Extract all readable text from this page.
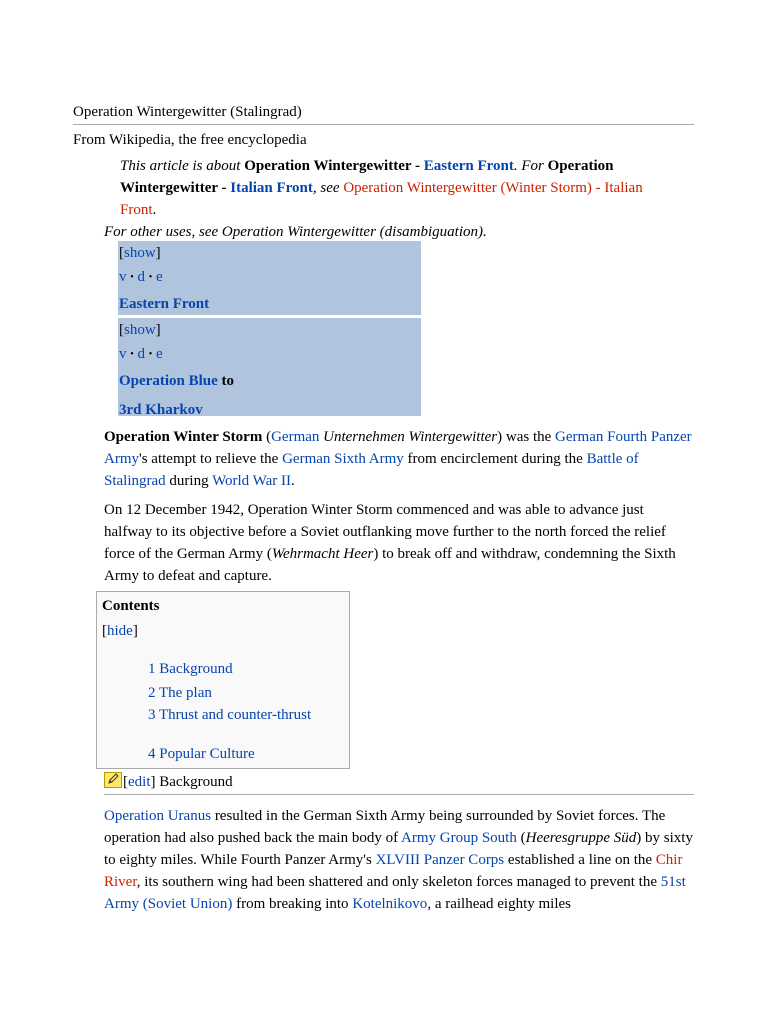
Operation Wintergewitter (Stalingrad)
From Wikipedia, the free encyclopedia
This article is about Operation Wintergewitter - Eastern Front. For Operation Wintergewitter - Italian Front, see Operation Wintergewitter (Winter Storm) - Italian Front.
For other uses, see Operation Wintergewitter (disambiguation).
[show]
v • d • e
Eastern Front
[show]
v • d • e
Operation Blue to
3rd Kharkov
Operation Winter Storm (German Unternehmen Wintergewitter) was the German Fourth Panzer Army's attempt to relieve the German Sixth Army from encirclement during the Battle of Stalingrad during World War II.
On 12 December 1942, Operation Winter Storm commenced and was able to advance just halfway to its objective before a Soviet outflanking move further to the north forced the relief force of the German Army (Wehrmacht Heer) to break off and withdraw, condemning the Sixth Army to defeat and capture.
Contents
[hide]
1 Background
2 The plan
3 Thrust and counter-thrust
4 Popular Culture
[edit] Background
Operation Uranus resulted in the German Sixth Army being surrounded by Soviet forces. The operation had also pushed back the main body of Army Group South (Heeresgruppe Süd) by sixty to eighty miles. While Fourth Panzer Army's XLVIII Panzer Corps established a line on the Chir River, its southern wing had been shattered and only skeleton forces managed to prevent the 51st Army (Soviet Union) from breaking into Kotelnikovo, a railhead eighty miles
